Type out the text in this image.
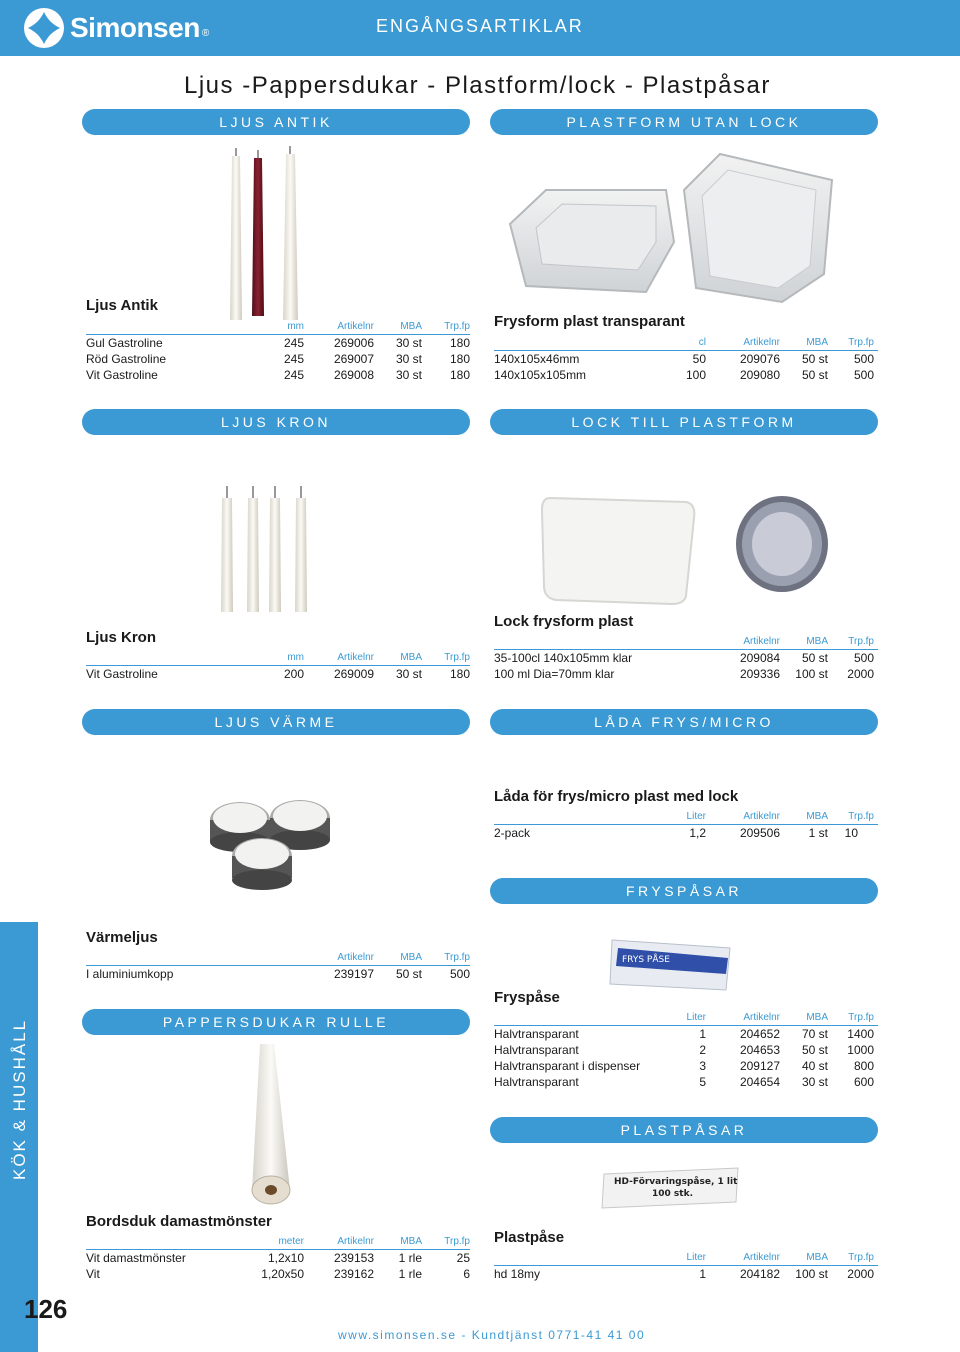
Simonsen ®	ENGÅNGSARTIKLAR
Ljus -Pappersdukar - Plastform/lock - Plastpåsar
LJUS ANTIK	PLASTFORM UTAN LOCK
LJUS KRON	LOCK TILL PLASTFORM
LJUS VÄRME	LÅDA FRYS/MICRO
FRYSPÅSAR
PAPPERSDUKAR RULLE
PLASTPÅSAR
FRYS PÅSE
HD-Förvaringspåse, 1 lit
100 stk.
Ljus Antik
Frysform plast transparant
Ljus Kron
Lock frysform plast
Låda för frys/micro plast med lock
Värmeljus
Fryspåse
Bordsduk damastmönster
Plastpåse
mm	Artikelnr	MBA	Trp.fp
Gul Gastroline	245	269006	30 st	180
Röd Gastroline	245	269007	30 st	180
Vit Gastroline	245	269008	30 st	180
cl	Artikelnr	MBA	Trp.fp
140x105x46mm	50	209076	50 st	500
140x105x105mm	100	209080	50 st	500
mm	Artikelnr	MBA	Trp.fp
Vit Gastroline	200	269009	30 st	180
Artikelnr	MBA	Trp.fp
35-100cl 140x105mm klar	209084	50 st	500
100 ml Dia=70mm klar	209336	100 st	2000
Liter	Artikelnr	MBA	Trp.fp
2-pack	1,2	209506	1 st	10
Artikelnr	MBA	Trp.fp
I aluminiumkopp	239197	50 st	500
Liter	Artikelnr	MBA	Trp.fp
Halvtransparant	1	204652	70 st	1400
Halvtransparant	2	204653	50 st	1000
Halvtransparant i dispenser	3	209127	40 st	800
Halvtransparant	5	204654	30 st	600
meter	Artikelnr	MBA	Trp.fp
Vit damastmönster	1,2x10	239153	1 rle	25
Vit	1,20x50	239162	1 rle	6
Liter	Artikelnr	MBA	Trp.fp
hd 18my	1	204182	100 st	2000
KÖK & HUSHÅLL
126
www.simonsen.se - Kundtjänst 0771-41 41 00
